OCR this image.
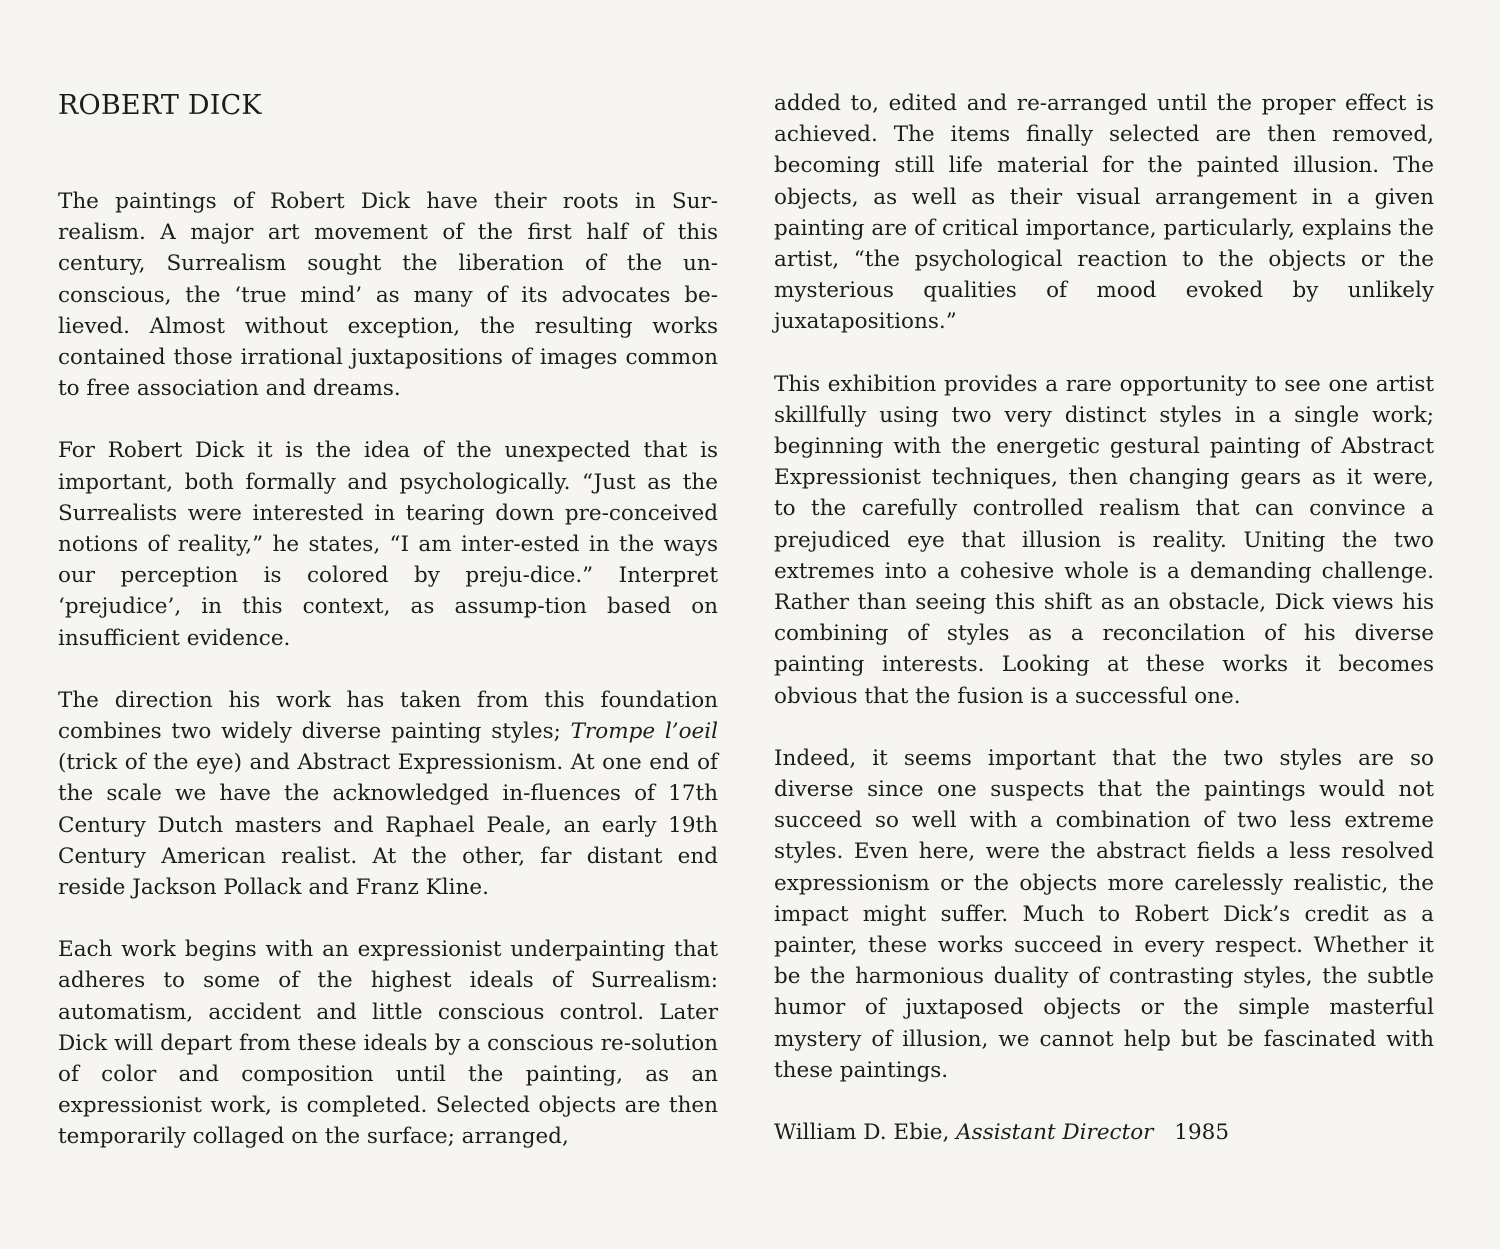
ROBERT DICK

The paintings of Robert Dick have their roots in Sur-realism. A major art movement of the first half of this century, Surrealism sought the liberation of the un-conscious, the ‘true mind’ as many of its advocates be-lieved. Almost without exception, the resulting works contained those irrational juxtapositions of images common to free association and dreams.

For Robert Dick it is the idea of the unexpected that is important, both formally and psychologically. “Just as the Surrealists were interested in tearing down pre-conceived notions of reality,” he states, “I am inter-ested in the ways our perception is colored by preju-dice.” Interpret ‘prejudice’, in this context, as assump-tion based on insufficient evidence.

The direction his work has taken from this foundation combines two widely diverse painting styles; Trompe l’oeil (trick of the eye) and Abstract Expressionism. At one end of the scale we have the acknowledged in-fluences of 17th Century Dutch masters and Raphael Peale, an early 19th Century American realist. At the other, far distant end reside Jackson Pollack and Franz Kline.

Each work begins with an expressionist underpainting that adheres to some of the highest ideals of Surrealism: automatism, accident and little conscious control. Later Dick will depart from these ideals by a conscious re-solution of color and composition until the painting, as an expressionist work, is completed. Selected objects are then temporarily collaged on the surface; arranged,

added to, edited and re-arranged until the proper effect is achieved. The items finally selected are then removed, becoming still life material for the painted illusion. The objects, as well as their visual arrangement in a given painting are of critical importance, particularly, explains the artist, “the psychological reaction to the objects or the mysterious qualities of mood evoked by unlikely juxatapositions.”

This exhibition provides a rare opportunity to see one artist skillfully using two very distinct styles in a single work; beginning with the energetic gestural painting of Abstract Expressionist techniques, then changing gears as it were, to the carefully controlled realism that can convince a prejudiced eye that illusion is reality. Uniting the two extremes into a cohesive whole is a demanding challenge. Rather than seeing this shift as an obstacle, Dick views his combining of styles as a reconcilation of his diverse painting interests. Looking at these works it becomes obvious that the fusion is a successful one.

Indeed, it seems important that the two styles are so diverse since one suspects that the paintings would not succeed so well with a combination of two less extreme styles. Even here, were the abstract fields a less resolved expressionism or the objects more carelessly realistic, the impact might suffer. Much to Robert Dick’s credit as a painter, these works succeed in every respect. Whether it be the harmonious duality of contrasting styles, the subtle humor of juxtaposed objects or the simple masterful mystery of illusion, we cannot help but be fascinated with these paintings.

William D. Ebie, Assistant Director 1985
